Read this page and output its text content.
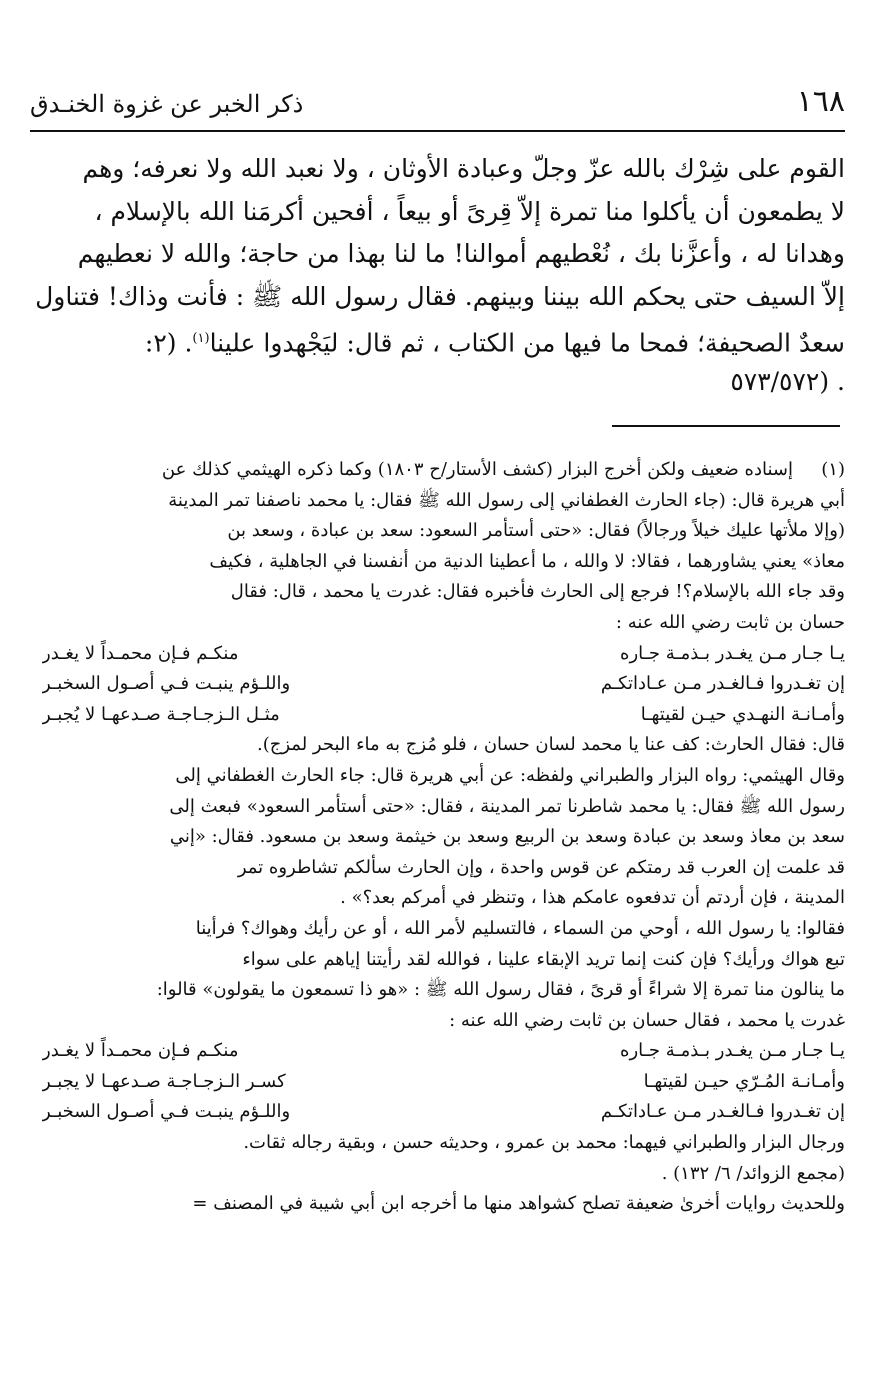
١٦٨
ذكر الخبر عن غزوة الخنـدق
القوم على شِرْك بالله عزّ وجلّ وعبادة الأوثان ، ولا نعبد الله ولا نعرفه؛ وهم
لا يطمعون أن يأكلوا منا تمرة إلاّ قِرىً أو بيعاً ، أفحين أكرمَنا الله بالإسلام ،
وهدانا له ، وأعزَّنا بك ، نُعْطيهم أموالنا! ما لنا بهذا من حاجة؛ والله لا نعطيهم
إلاّ السيف حتى يحكم الله بيننا وبينهم. فقال رسول الله ﷺ : فأنت وذاك! فتناول
سعدٌ الصحيفة؛ فمحا ما فيها من الكتاب ، ثم قال: ليَجْهدوا علينا$^{(١)}$. (٢:
. (٥٧٣/٥٧٢
(١)إسناده ضعيف ولكن أخرج البزار (كشف الأستار/ح ١٨٠٣) وكما ذكره الهيثمي كذلك عن
أبي هريرة قال: (جاء الحارث الغطفاني إلى رسول الله ﷺ فقال: يا محمد ناصفنا تمر المدينة
(وإلا ملأتها عليك خيلاً ورجالاً) فقال: «حتى أستأمر السعود: سعد بن عبادة ، وسعد بن
معاذ» يعني يشاورهما ، فقالا: لا والله ، ما أعطينا الدنية من أنفسنا في الجاهلية ، فكيف
وقد جاء الله بالإسلام؟! فرجع إلى الحارث فأخبره فقال: غدرت يا محمد ، قال: فقال
حسان بن ثابت رضي الله عنه :
يـا جـار مـن يغـدر بـذمـة جـاره
منكـم فـإن محمـداً لا يغـدر
إن تغـدروا فـالغـدر مـن عـاداتكـم
واللـؤم ينبـت فـي أصـول السخبـر
وأمـانـة النهـدي حيـن لقيتهـا
مثـل الـزجـاجـة صـدعهـا لا يُجبـر
قال: فقال الحارث: كف عنا يا محمد لسان حسان ، فلو مُزج به ماء البحر لمزج).
وقال الهيثمي: رواه البزار والطبراني ولفظه: عن أبي هريرة قال: جاء الحارث الغطفاني إلى
رسول الله ﷺ فقال: يا محمد شاطرنا تمر المدينة ، فقال: «حتى أستأمر السعود» فبعث إلى
سعد بن معاذ وسعد بن عبادة وسعد بن الربيع وسعد بن خيثمة وسعد بن مسعود. فقال: «إني
قد علمت إن العرب قد رمتكم عن قوس واحدة ، وإن الحارث سألكم تشاطروه تمر
المدينة ، فإن أردتم أن تدفعوه عامكم هذا ، وتنظر في أمركم بعد؟» .
فقالوا: يا رسول الله ، أوحي من السماء ، فالتسليم لأمر الله ، أو عن رأيك وهواك؟ فرأينا
تبع هواك ورأيك؟ فإن كنت إنما تريد الإبقاء علينا ، فوالله لقد رأيتنا إياهم على سواء
ما ينالون منا تمرة إلا شراءً أو قرىً ، فقال رسول الله ﷺ : «هو ذا تسمعون ما يقولون» قالوا:
غدرت يا محمد ، فقال حسان بن ثابت رضي الله عنه :
يـا جـار مـن يغـدر بـذمـة جـاره
منكـم فـإن محمـداً لا يغـدر
وأمـانـة المُـرّي حيـن لقيتهـا
كسـر الـزجـاجـة صـدعهـا لا يجبـر
إن تغـدروا فـالغـدر مـن عـاداتكـم
واللـؤم ينبـت فـي أصـول السخبـر
ورجال البزار والطبراني فيهما: محمد بن عمرو ، وحديثه حسن ، وبقية رجاله ثقات.
(مجمع الزوائد/ ٦/ ١٣٢) .
وللحديث روايات أخرىٰ ضعيفة تصلح كشواهد منها ما أخرجه ابن أبي شيبة في المصنف =
